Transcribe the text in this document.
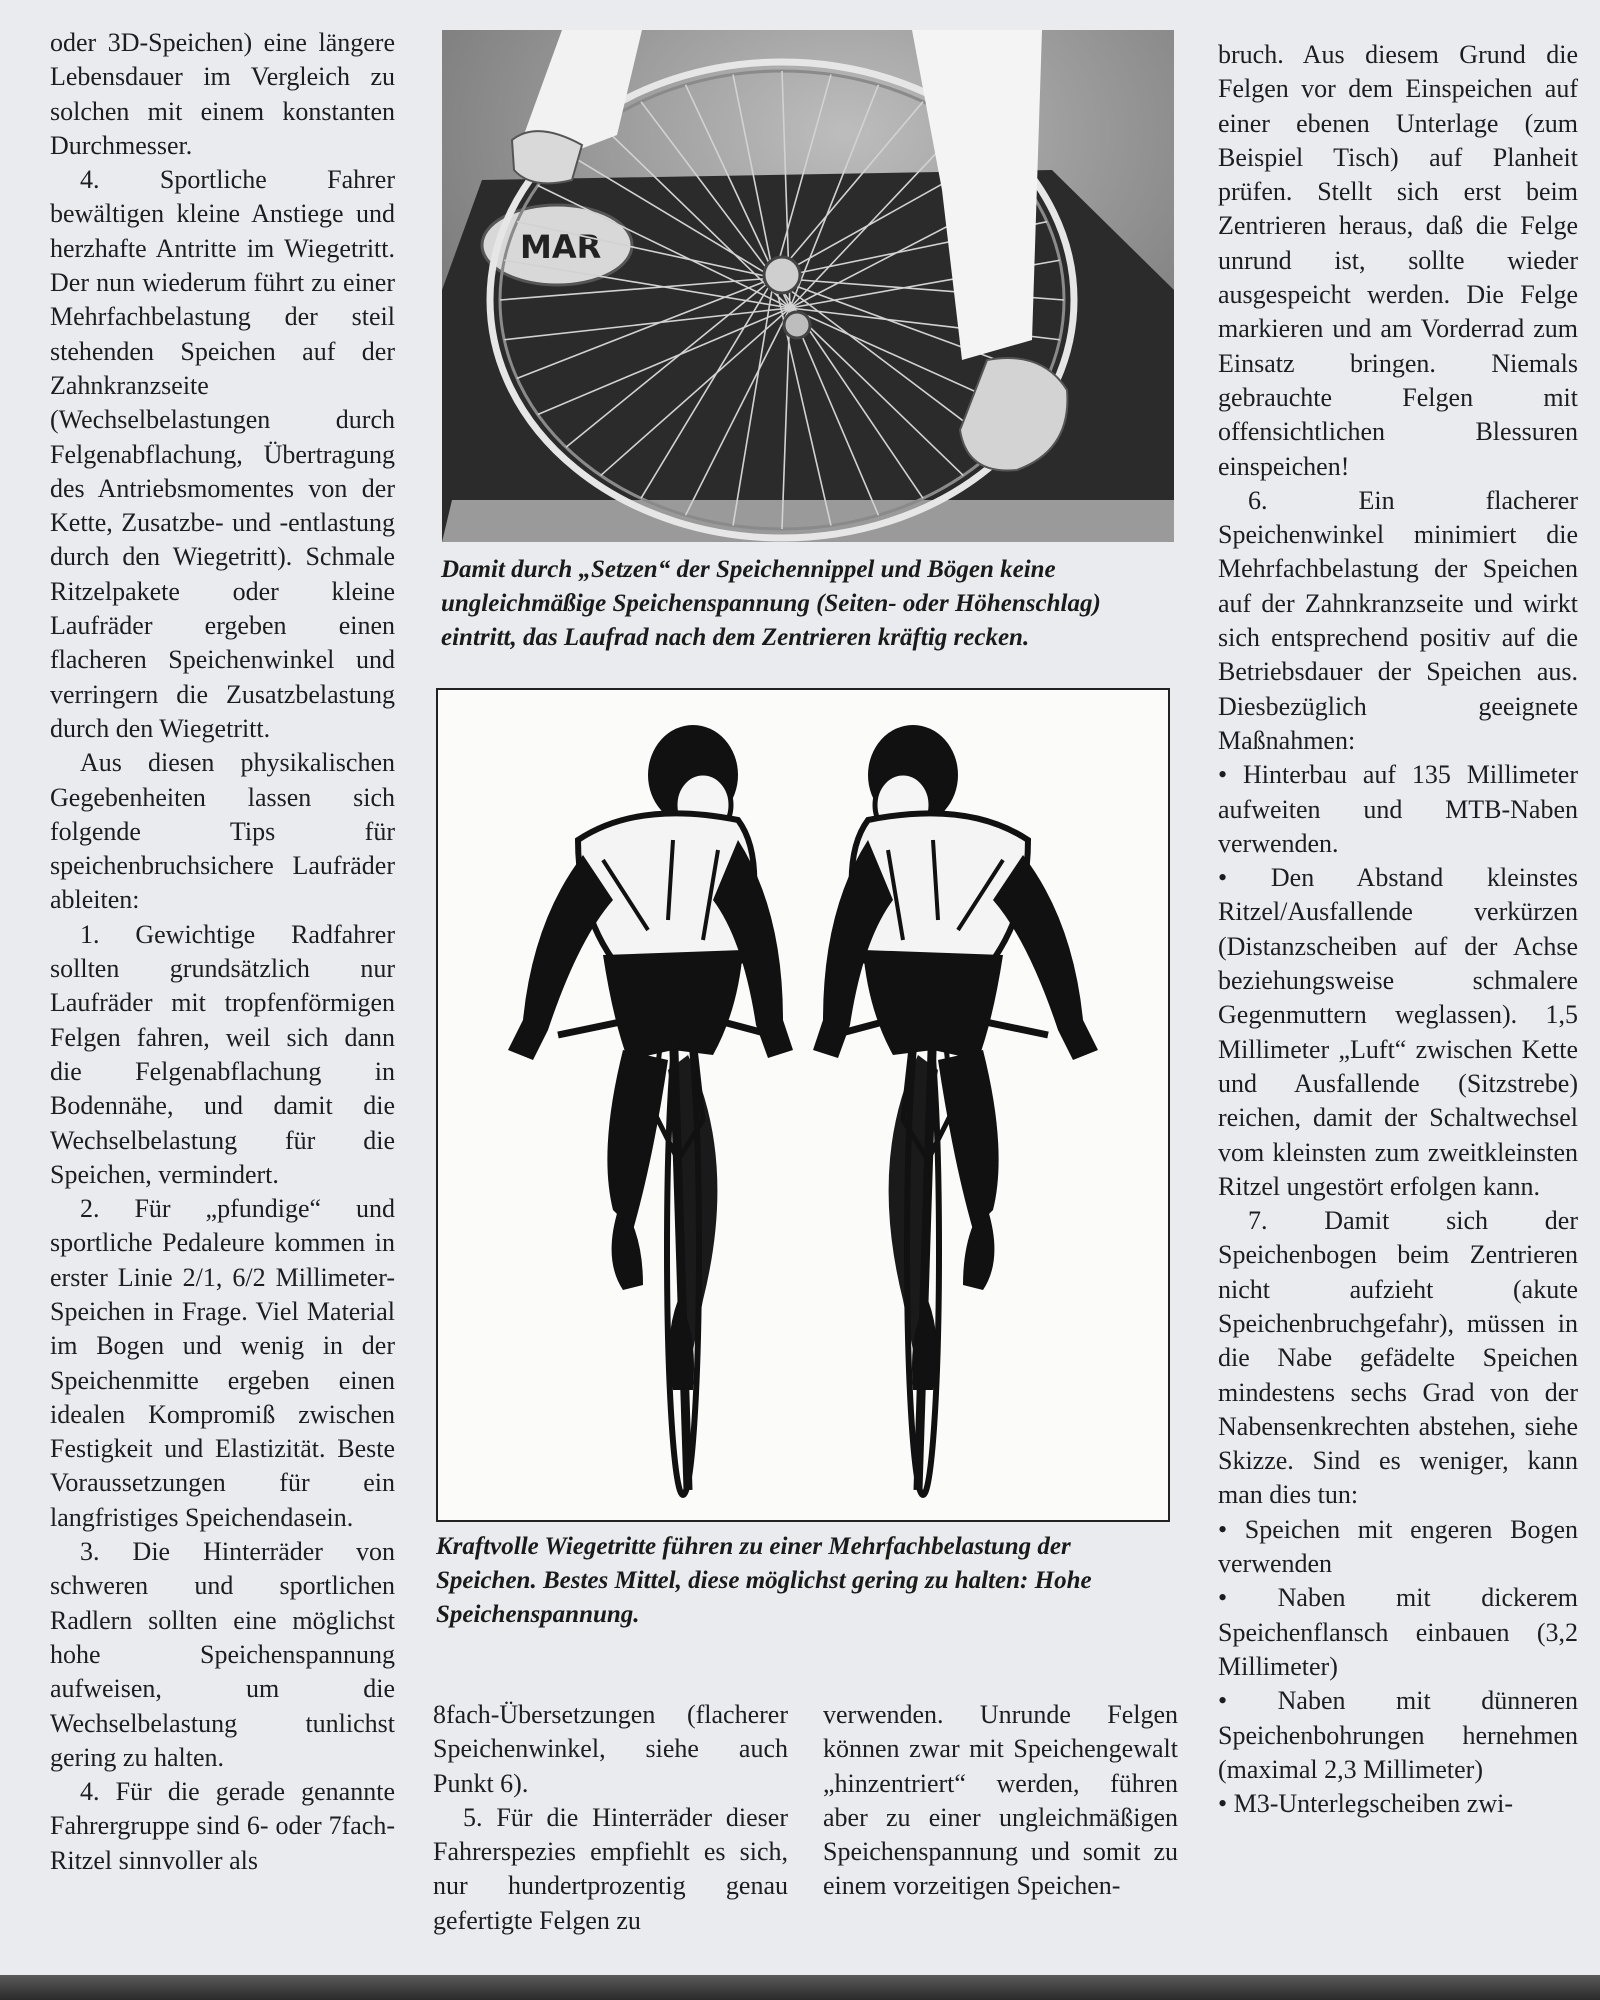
oder 3D-Speichen) eine längere Lebensdauer im Vergleich zu solchen mit einem konstanten Durchmesser.

4. Sportliche Fahrer bewältigen kleine Anstiege und herzhafte Antritte im Wiegetritt. Der nun wiederum führt zu einer Mehrfachbelastung der steil stehenden Speichen auf der Zahnkranzseite (Wechselbelastungen durch Felgenabflachung, Übertragung des Antriebsmomentes von der Kette, Zusatzbe- und -entlastung durch den Wiegetritt). Schmale Ritzelpakete oder kleine Laufräder ergeben einen flacheren Speichenwinkel und verringern die Zusatzbelastung durch den Wiegetritt.

Aus diesen physikalischen Gegebenheiten lassen sich folgende Tips für speichenbruchsichere Laufräder ableiten:

1. Gewichtige Radfahrer sollten grundsätzlich nur Laufräder mit tropfenförmigen Felgen fahren, weil sich dann die Felgenabflachung in Bodennähe, und damit die Wechselbelastung für die Speichen, vermindert.

2. Für „pfundige“ und sportliche Pedaleure kommen in erster Linie 2/1, 6/2 Millimeter-Speichen in Frage. Viel Material im Bogen und wenig in der Speichenmitte ergeben einen idealen Kompromiß zwischen Festigkeit und Elastizität. Beste Voraussetzungen für ein langfristiges Speichendasein.

3. Die Hinterräder von schweren und sportlichen Radlern sollten eine möglichst hohe Speichenspannung aufweisen, um die Wechselbelastung tunlichst gering zu halten.

4. Für die gerade genannte Fahrergruppe sind 6- oder 7fach-Ritzel sinnvoller als

MAR
Damit durch „Setzen“ der Speichennippel und Bögen keine ungleichmäßige Speichenspannung (Seiten- oder Höhenschlag) eintritt, das Laufrad nach dem Zentrieren kräftig recken.
Kraftvolle Wiegetritte führen zu einer Mehrfachbelastung der Speichen. Bestes Mittel, diese möglichst gering zu halten: Hohe Speichenspannung.

8fach-Übersetzungen (flacherer Speichenwinkel, siehe auch Punkt 6).

5. Für die Hinterräder dieser Fahrerspezies empfiehlt es sich, nur hundertprozentig genau gefertigte Felgen zu

verwenden. Unrunde Felgen können zwar mit Speichengewalt „hinzentriert“ werden, führen aber zu einer ungleichmäßigen Speichenspannung und somit zu einem vorzeitigen Speichen-

bruch. Aus diesem Grund die Felgen vor dem Einspeichen auf einer ebenen Unterlage (zum Beispiel Tisch) auf Planheit prüfen. Stellt sich erst beim Zentrieren heraus, daß die Felge unrund ist, sollte wieder ausgespeicht werden. Die Felge markieren und am Vorderrad zum Einsatz bringen. Niemals gebrauchte Felgen mit offensichtlichen Blessuren einspeichen!

6. Ein flacherer Speichenwinkel minimiert die Mehrfachbelastung der Speichen auf der Zahnkranzseite und wirkt sich entsprechend positiv auf die Betriebsdauer der Speichen aus. Diesbezüglich geeignete Maßnahmen:

• Hinterbau auf 135 Millimeter aufweiten und MTB-Naben verwenden.

• Den Abstand kleinstes Ritzel/Ausfallende verkürzen (Distanzscheiben auf der Achse beziehungsweise schmalere Gegenmuttern weglassen). 1,5 Millimeter „Luft“ zwischen Kette und Ausfallende (Sitzstrebe) reichen, damit der Schaltwechsel vom kleinsten zum zweitkleinsten Ritzel ungestört erfolgen kann.

7. Damit sich der Speichenbogen beim Zentrieren nicht aufzieht (akute Speichenbruchgefahr), müssen in die Nabe gefädelte Speichen mindestens sechs Grad von der Nabensenkrechten abstehen, siehe Skizze. Sind es weniger, kann man dies tun:

• Speichen mit engeren Bogen verwenden

• Naben mit dickerem Speichenflansch einbauen (3,2 Millimeter)

• Naben mit dünneren Speichenbohrungen hernehmen (maximal 2,3 Millimeter)

• M3-Unterlegscheiben zwi-
